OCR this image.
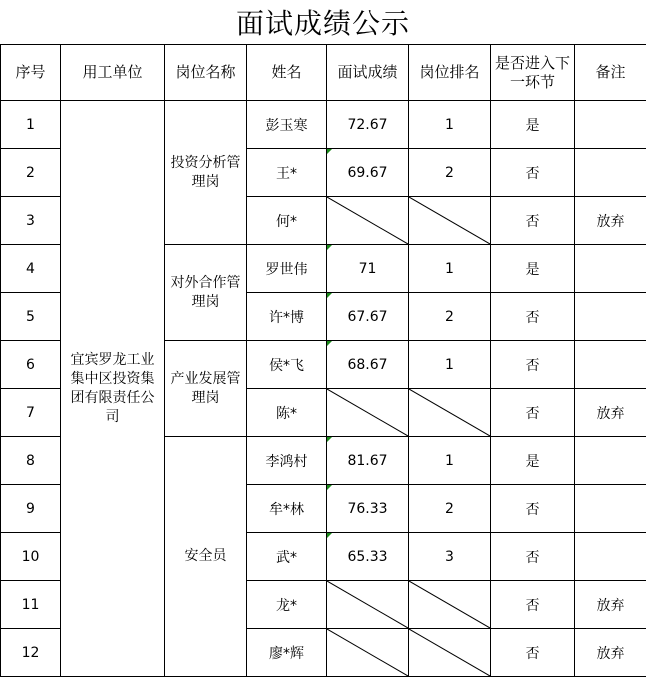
面试成绩公示
序号	用工单位	岗位名称	姓名	面试成绩	岗位排名	是否进入下一环节	备注
1	宜宾罗龙工业集中区投资集团有限责任公司	投资分析管理岗	彭玉寒	72.67	1	是	
2			王*	69.67	2	否	
3			何*			否	放弃
4		对外合作管理岗	罗世伟	71	1	是	
5			许*博	67.67	2	否	
6		产业发展管理岗	侯*飞	68.67	1	否	
7			陈*			否	放弃
8		安全员	李鸿村	81.67	1	是	
9			牟*林	76.33	2	否	
10			武*	65.33	3	否	
11			龙*			否	放弃
12			廖*辉			否	放弃
